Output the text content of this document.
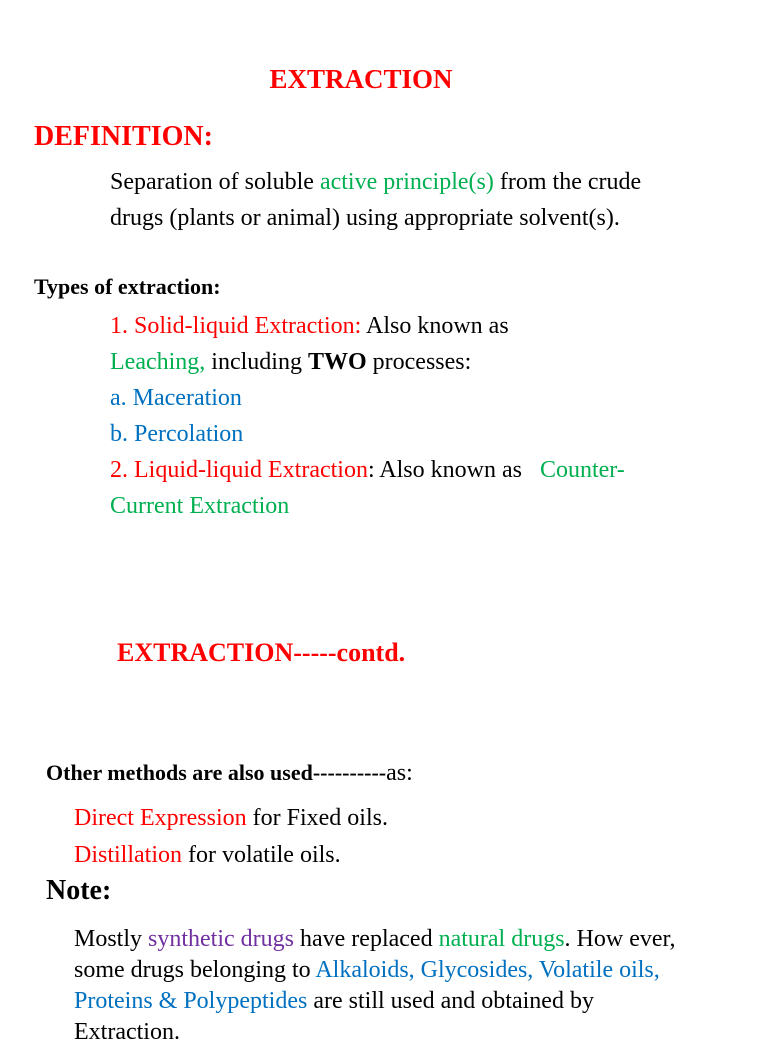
EXTRACTION
DEFINITION:
Separation of soluble active principle(s) from the crude
drugs (plants or animal) using appropriate solvent(s).
Types of extraction:
1. Solid-liquid Extraction: Also known as
Leaching, including TWO processes:
a. Maceration
b. Percolation
2. Liquid-liquid Extraction: Also known as   Counter-
Current Extraction
EXTRACTION-----contd.
Other methods are also used----------as:
Direct Expression for Fixed oils.
Distillation for volatile oils.
Note:
Mostly synthetic drugs have replaced natural drugs. How ever,
some drugs belonging to Alkaloids, Glycosides, Volatile oils,
Proteins & Polypeptides are still used and obtained by
Extraction.
